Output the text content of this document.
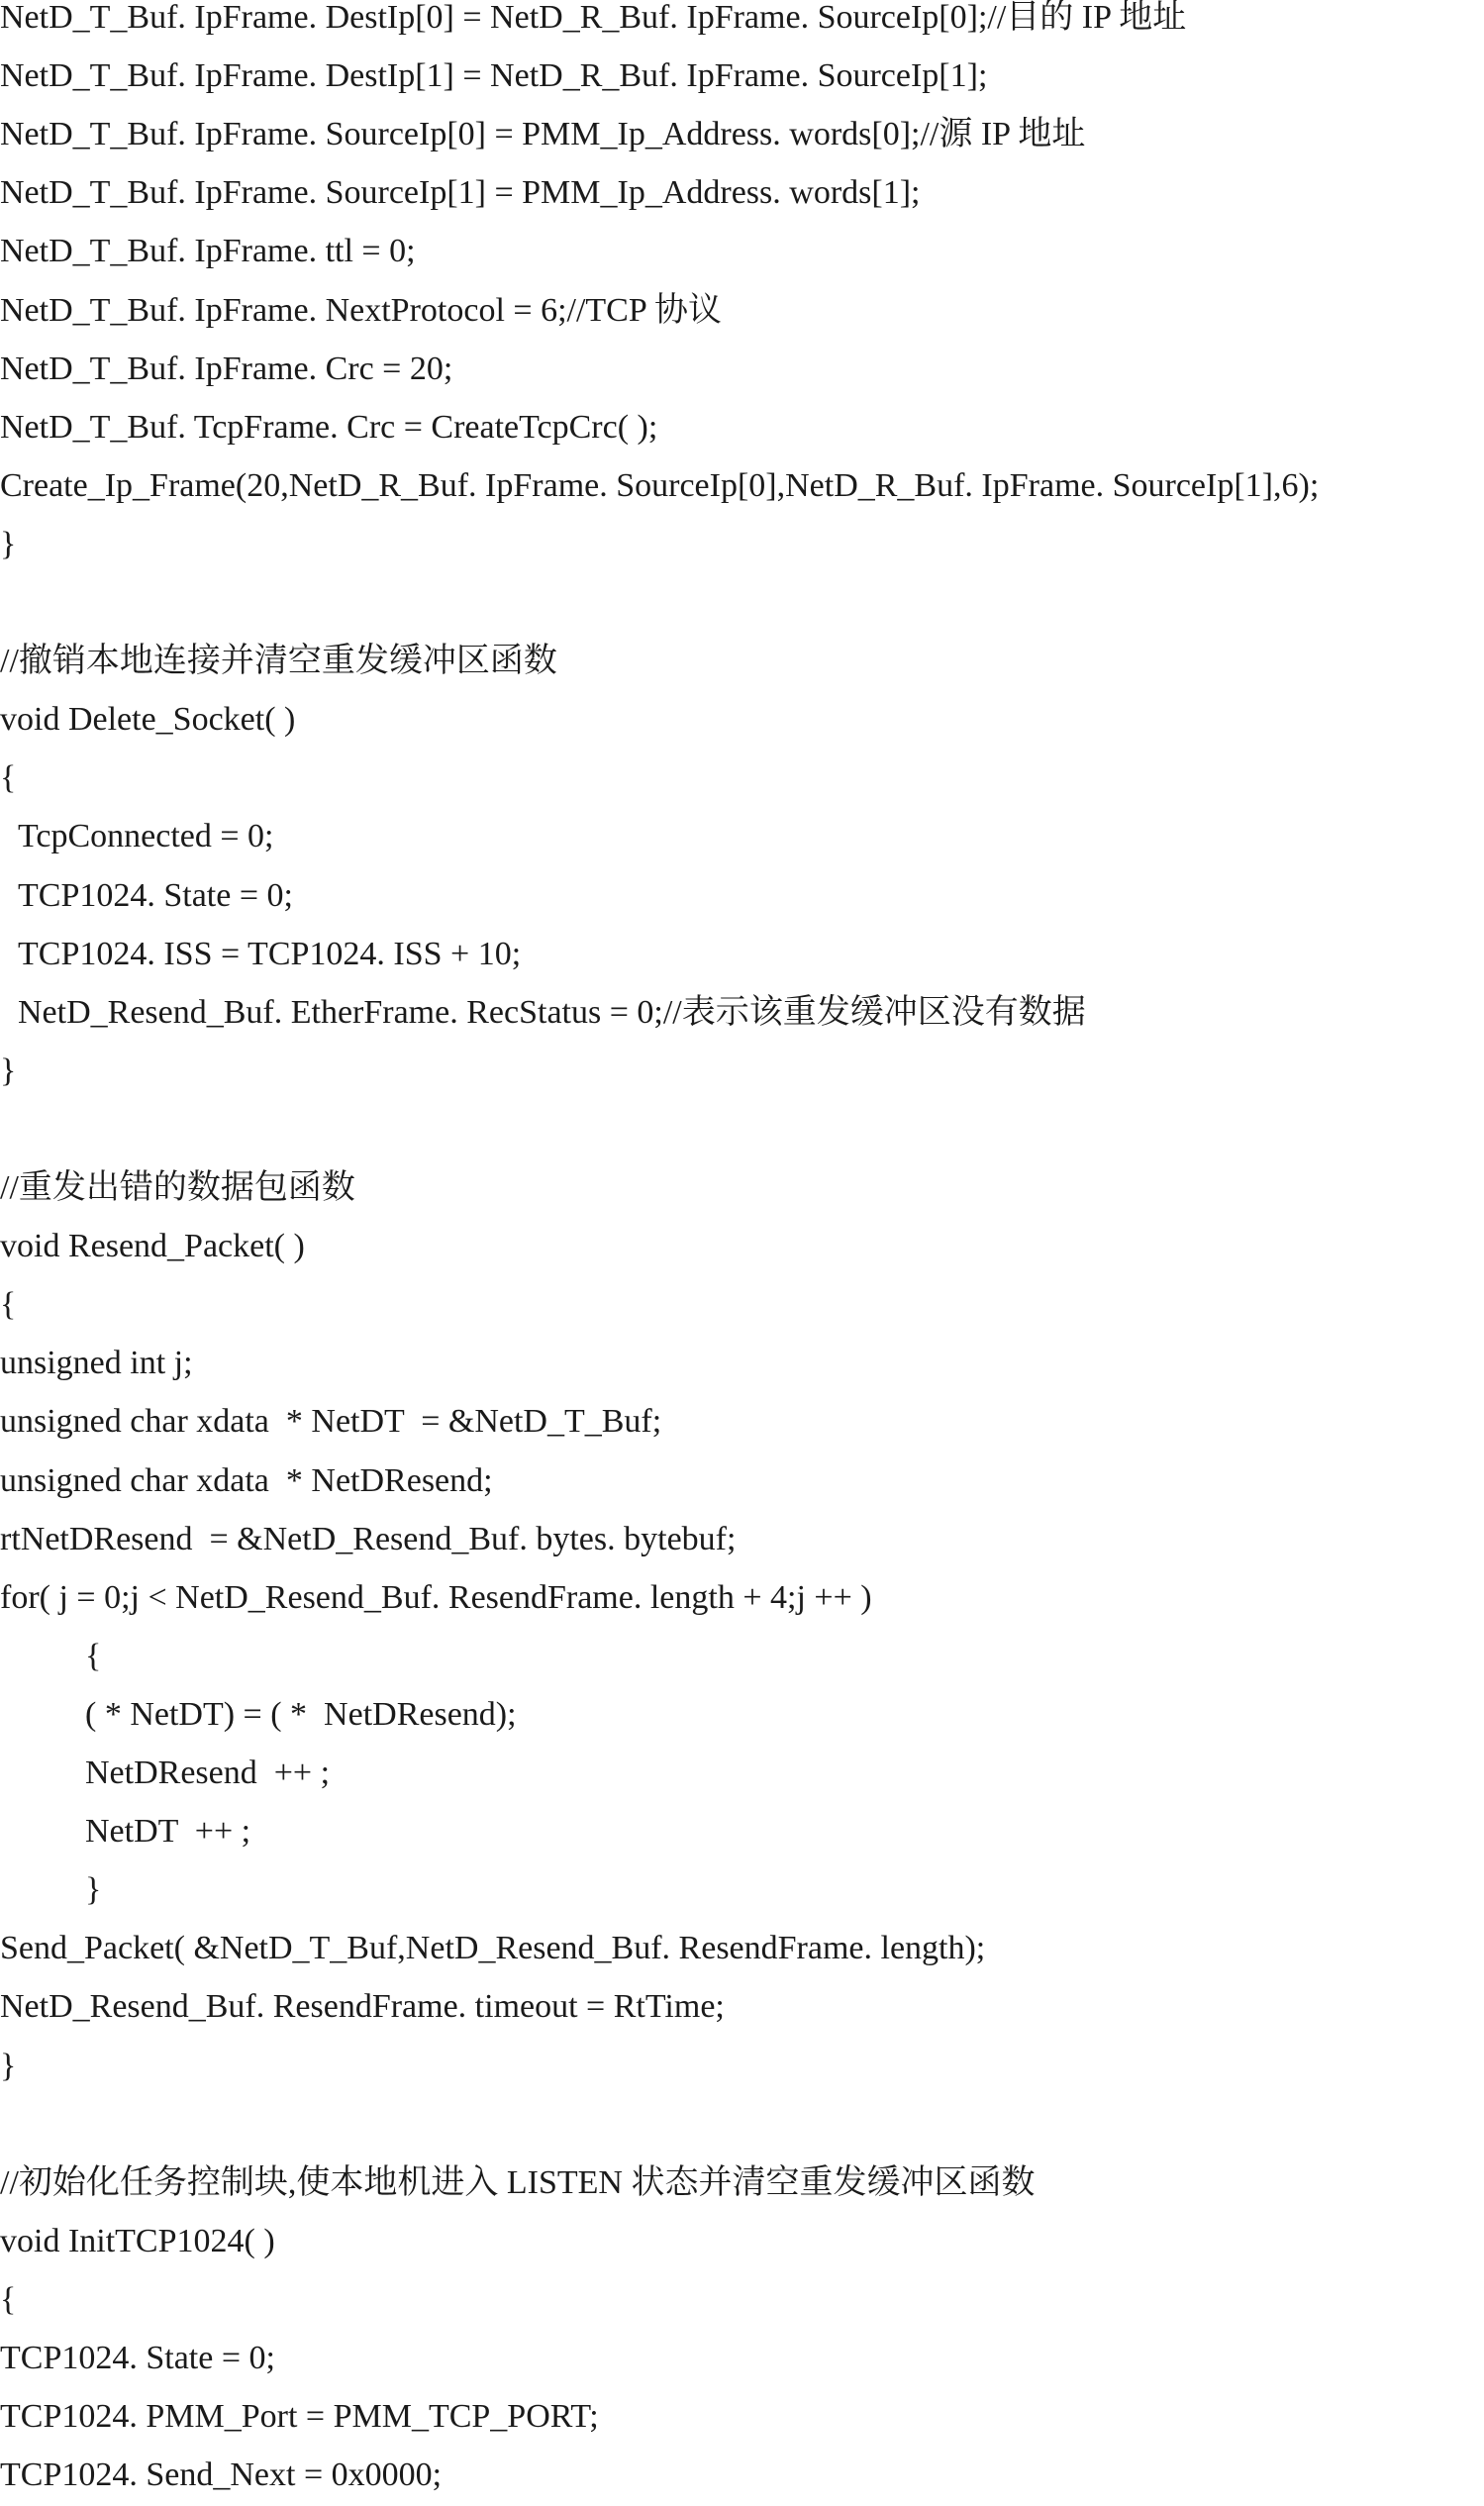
NetD_T_Buf. IpFrame. DestIp[0] = NetD_R_Buf. IpFrame. SourceIp[0];//目的 IP 地址
NetD_T_Buf. IpFrame. DestIp[1] = NetD_R_Buf. IpFrame. SourceIp[1];
NetD_T_Buf. IpFrame. SourceIp[0] = PMM_Ip_Address. words[0];//源 IP 地址
NetD_T_Buf. IpFrame. SourceIp[1] = PMM_Ip_Address. words[1];
NetD_T_Buf. IpFrame. ttl = 0;
NetD_T_Buf. IpFrame. NextProtocol = 6;//TCP 协议
NetD_T_Buf. IpFrame. Crc = 20;
NetD_T_Buf. TcpFrame. Crc = CreateTcpCrc( );
Create_Ip_Frame(20,NetD_R_Buf. IpFrame. SourceIp[0],NetD_R_Buf. IpFrame. SourceIp[1],6);
}
//撤销本地连接并清空重发缓冲区函数
void Delete_Socket( )
{
TcpConnected = 0;
TCP1024. State = 0;
TCP1024. ISS = TCP1024. ISS + 10;
NetD_Resend_Buf. EtherFrame. RecStatus = 0;//表示该重发缓冲区没有数据
}
//重发出错的数据包函数
void Resend_Packet( )
{
unsigned int j;
unsigned char xdata  * NetDT  = &NetD_T_Buf;
unsigned char xdata  * NetDResend;
rtNetDResend  = &NetD_Resend_Buf. bytes. bytebuf;
for( j = 0;j < NetD_Resend_Buf. ResendFrame. length + 4;j ++ )
{
( * NetDT) = ( *  NetDResend);
NetDResend  ++ ;
NetDT  ++ ;
}
Send_Packet( &NetD_T_Buf,NetD_Resend_Buf. ResendFrame. length);
NetD_Resend_Buf. ResendFrame. timeout = RtTime;
}
//初始化任务控制块,使本地机进入 LISTEN 状态并清空重发缓冲区函数
void InitTCP1024( )
{
TCP1024. State = 0;
TCP1024. PMM_Port = PMM_TCP_PORT;
TCP1024. Send_Next = 0x0000;
